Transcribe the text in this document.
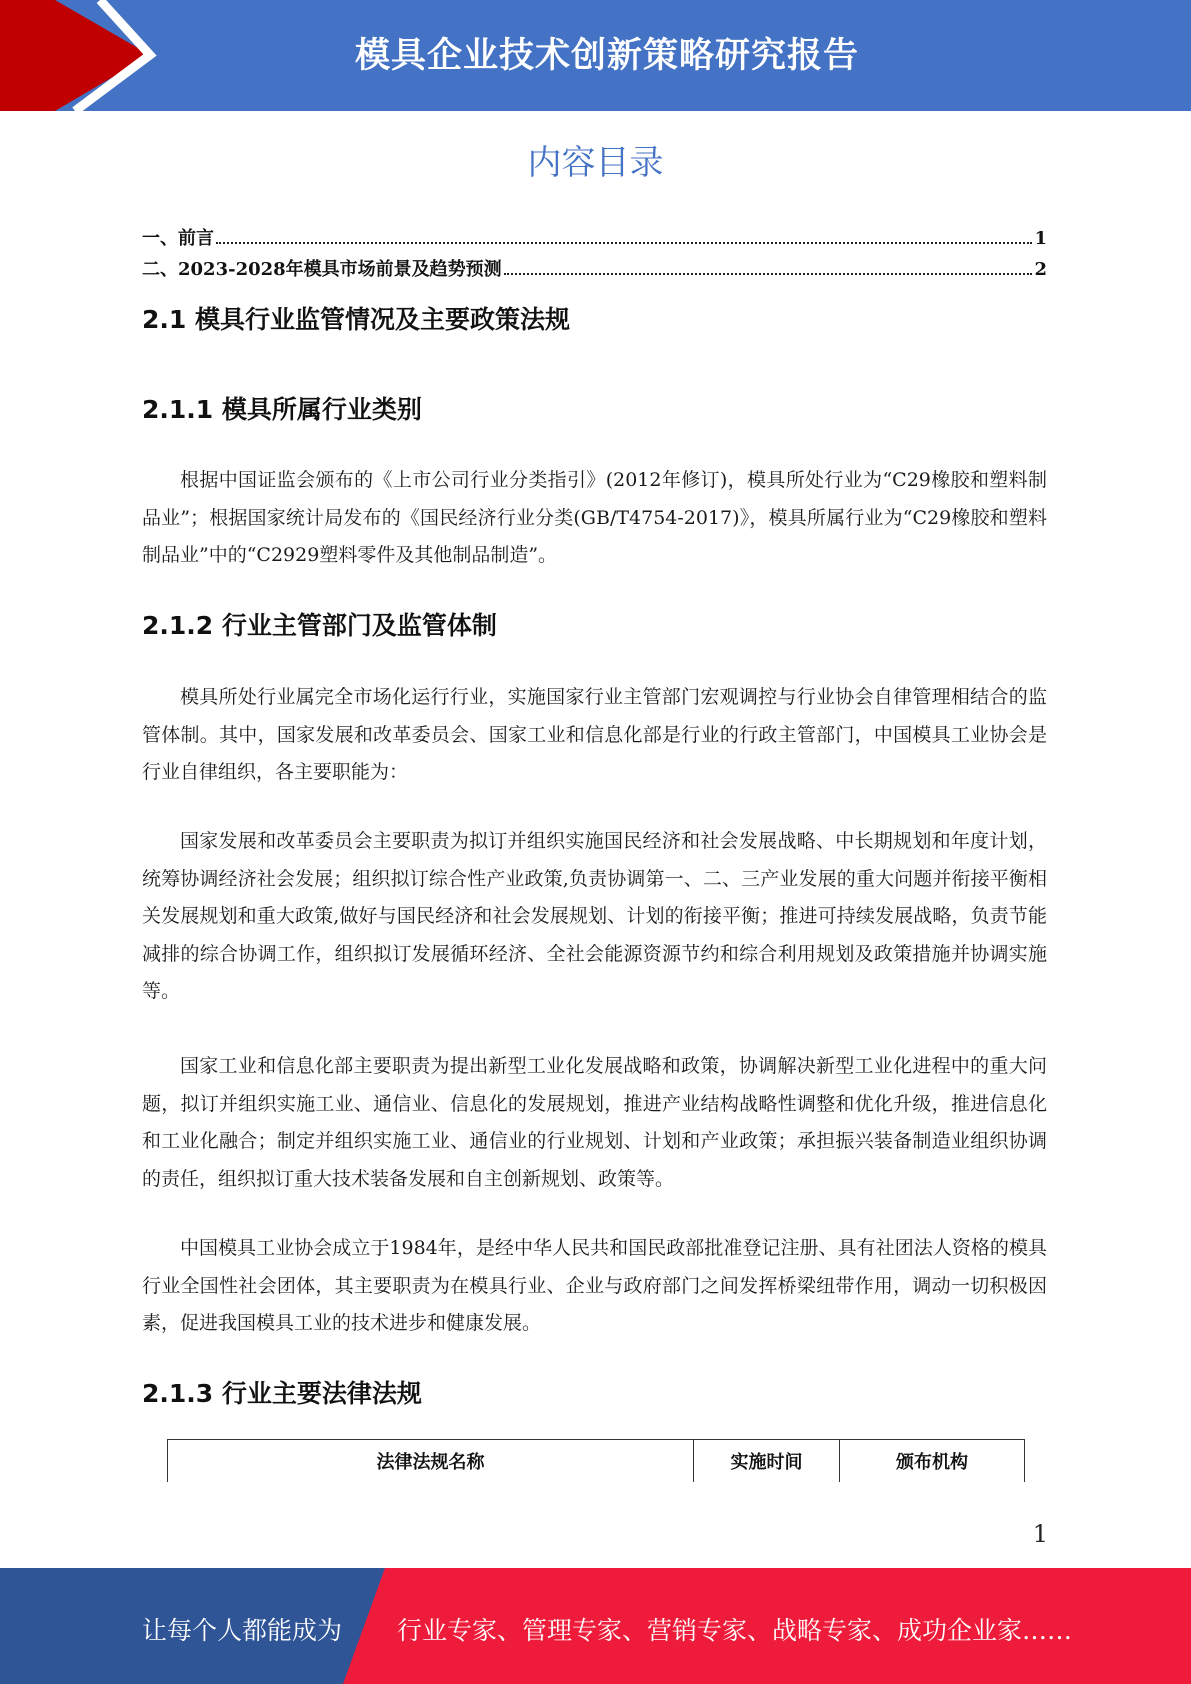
模具企业技术创新策略研究报告
内容目录
一、前言	1
二、2023-2028年模具市场前景及趋势预测	2
2.1 模具行业监管情况及主要政策法规
2.1.1 模具所属行业类别

根据中国证监会颁布的《上市公司行业分类指引》(2012年修订)，模具所处行业为“C29橡胶和塑料制品业”；根据国家统计局发布的《国民经济行业分类(GB/T4754-2017)》，模具所属行业为“C29橡胶和塑料制品业”中的“C2929塑料零件及其他制品制造”。

2.1.2 行业主管部门及监管体制

模具所处行业属完全市场化运行行业，实施国家行业主管部门宏观调控与行业协会自律管理相结合的监管体制。其中，国家发展和改革委员会、国家工业和信息化部是行业的行政主管部门，中国模具工业协会是行业自律组织，各主要职能为：

国家发展和改革委员会主要职责为拟订并组织实施国民经济和社会发展战略、中长期规划和年度计划，统筹协调经济社会发展；组织拟订综合性产业政策,负责协调第一、二、三产业发展的重大问题并衔接平衡相关发展规划和重大政策,做好与国民经济和社会发展规划、计划的衔接平衡；推进可持续发展战略，负责节能减排的综合协调工作，组织拟订发展循环经济、全社会能源资源节约和综合利用规划及政策措施并协调实施等。

国家工业和信息化部主要职责为提出新型工业化发展战略和政策，协调解决新型工业化进程中的重大问题，拟订并组织实施工业、通信业、信息化的发展规划，推进产业结构战略性调整和优化升级，推进信息化和工业化融合；制定并组织实施工业、通信业的行业规划、计划和产业政策；承担振兴装备制造业组织协调的责任，组织拟订重大技术装备发展和自主创新规划、政策等。

中国模具工业协会成立于1984年，是经中华人民共和国民政部批准登记注册、具有社团法人资格的模具行业全国性社会团体，其主要职责为在模具行业、企业与政府部门之间发挥桥梁纽带作用，调动一切积极因素，促进我国模具工业的技术进步和健康发展。

2.1.3 行业主要法律法规
法律法规名称	实施时间	颁布机构
1
让每个人都能成为 行业专家、管理专家、营销专家、战略专家、成功企业家……
